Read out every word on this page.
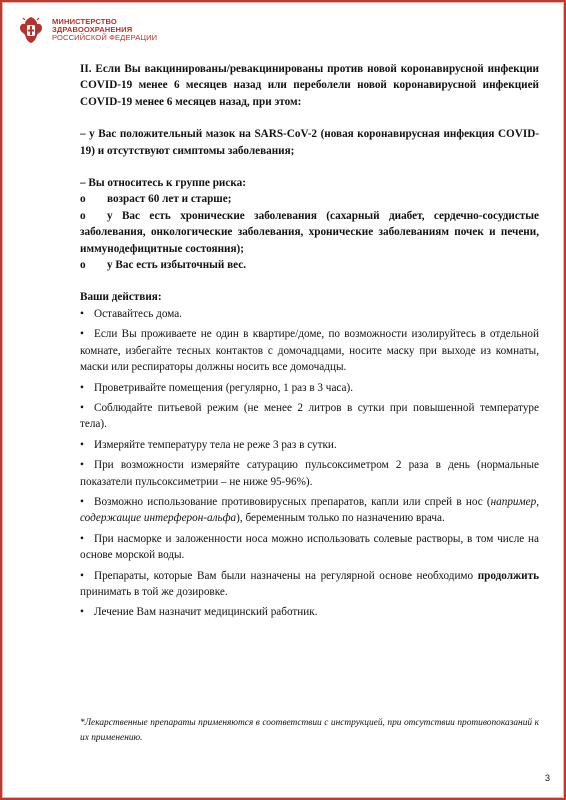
МИНИСТЕРСТВО
ЗДРАВООХРАНЕНИЯ
РОССИЙСКОЙ ФЕДЕРАЦИИ

II. Если Вы вакцинированы/ревакцинированы против новой коронавирусной инфекции COVID-19 менее 6 месяцев назад или переболели новой коронавирусной инфекцией COVID-19 менее 6 месяцев назад, при этом:

– у Вас положительный мазок на SARS-CoV-2 (новая коронавирусная инфекция COVID-19) и отсутствуют симптомы заболевания;

– Вы относитесь к группе риска:

o	возраст 60 лет и старше;

o у Вас есть хронические заболевания (сахарный диабет, сердечно-сосудистые заболевания, онкологические заболевания, хронические заболеваниям почек и печени, иммунодефицитные состояния);

o	у Вас есть избыточный вес.

Ваши действия:

• Оставайтесь дома.

• Если Вы проживаете не один в квартире/доме, по возможности изолируйтесь в отдельной комнате, избегайте тесных контактов с домочадцами, носите маску при выходе из комнаты, маски или респираторы должны носить все домочадцы.

• Проветривайте помещения (регулярно, 1 раз в 3 часа).

• Соблюдайте питьевой режим (не менее 2 литров в сутки при повышенной температуре тела).

• Измеряйте температуру тела не реже 3 раз в сутки.

• При возможности измеряйте сатурацию пульсоксиметром 2 раза в день (нормальные показатели пульсоксиметрии – не ниже 95-96%).

• Возможно использование противовирусных препаратов, капли или спрей в нос (например, содержащие интерферон-альфа), беременным только по назначению врача.

• При насморке и заложенности носа можно использовать солевые растворы, в том числе на основе морской воды.

• Препараты, которые Вам были назначены на регулярной основе необходимо продолжить принимать в той же дозировке.

• Лечение Вам назначит медицинский работник.

*Лекарственные препараты применяются в соответствии с инструкцией, при отсутствии противопоказаний к их применению.
3
